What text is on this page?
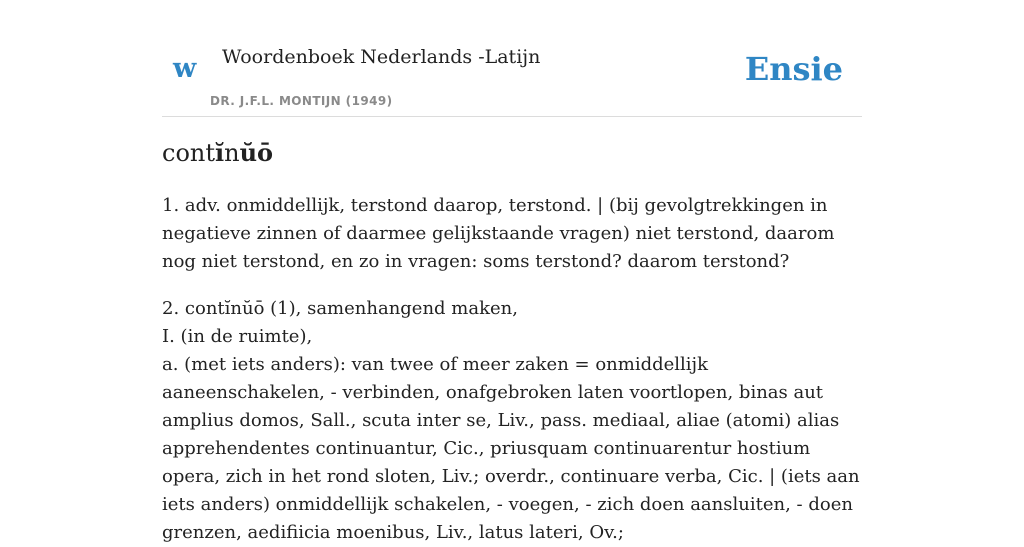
w Woordenboek Nederlands -Latijn
DR. J.F.L. MONTIJN (1949)
Ensie
contĭnŭō

1. adv. onmiddellijk, terstond daarop, terstond. | (bij gevolgtrekkingen in negatieve zinnen of daarmee gelijkstaande vragen) niet terstond, daarom nog niet terstond, en zo in vragen: soms terstond? daarom terstond?

2. contĭnŭō (1), samenhangend maken,

I. (in de ruimte),

a. (met iets anders): van twee of meer zaken = onmiddellijk aaneenschakelen, - verbinden, onafgebroken laten voortlopen, binas aut amplius domos, Sall., scuta inter se, Liv., pass. mediaal, aliae (atomi) alias apprehendentes continuantur, Cic., priusquam continuarentur hostium opera, zich in het rond sloten, Liv.; overdr., continuare verba, Cic. | (iets aan iets anders) onmiddellijk schakelen, - voegen, - zich doen aansluiten, - doen grenzen, aedifiicia moenibus, Liv., latus lateri, Ov.;
